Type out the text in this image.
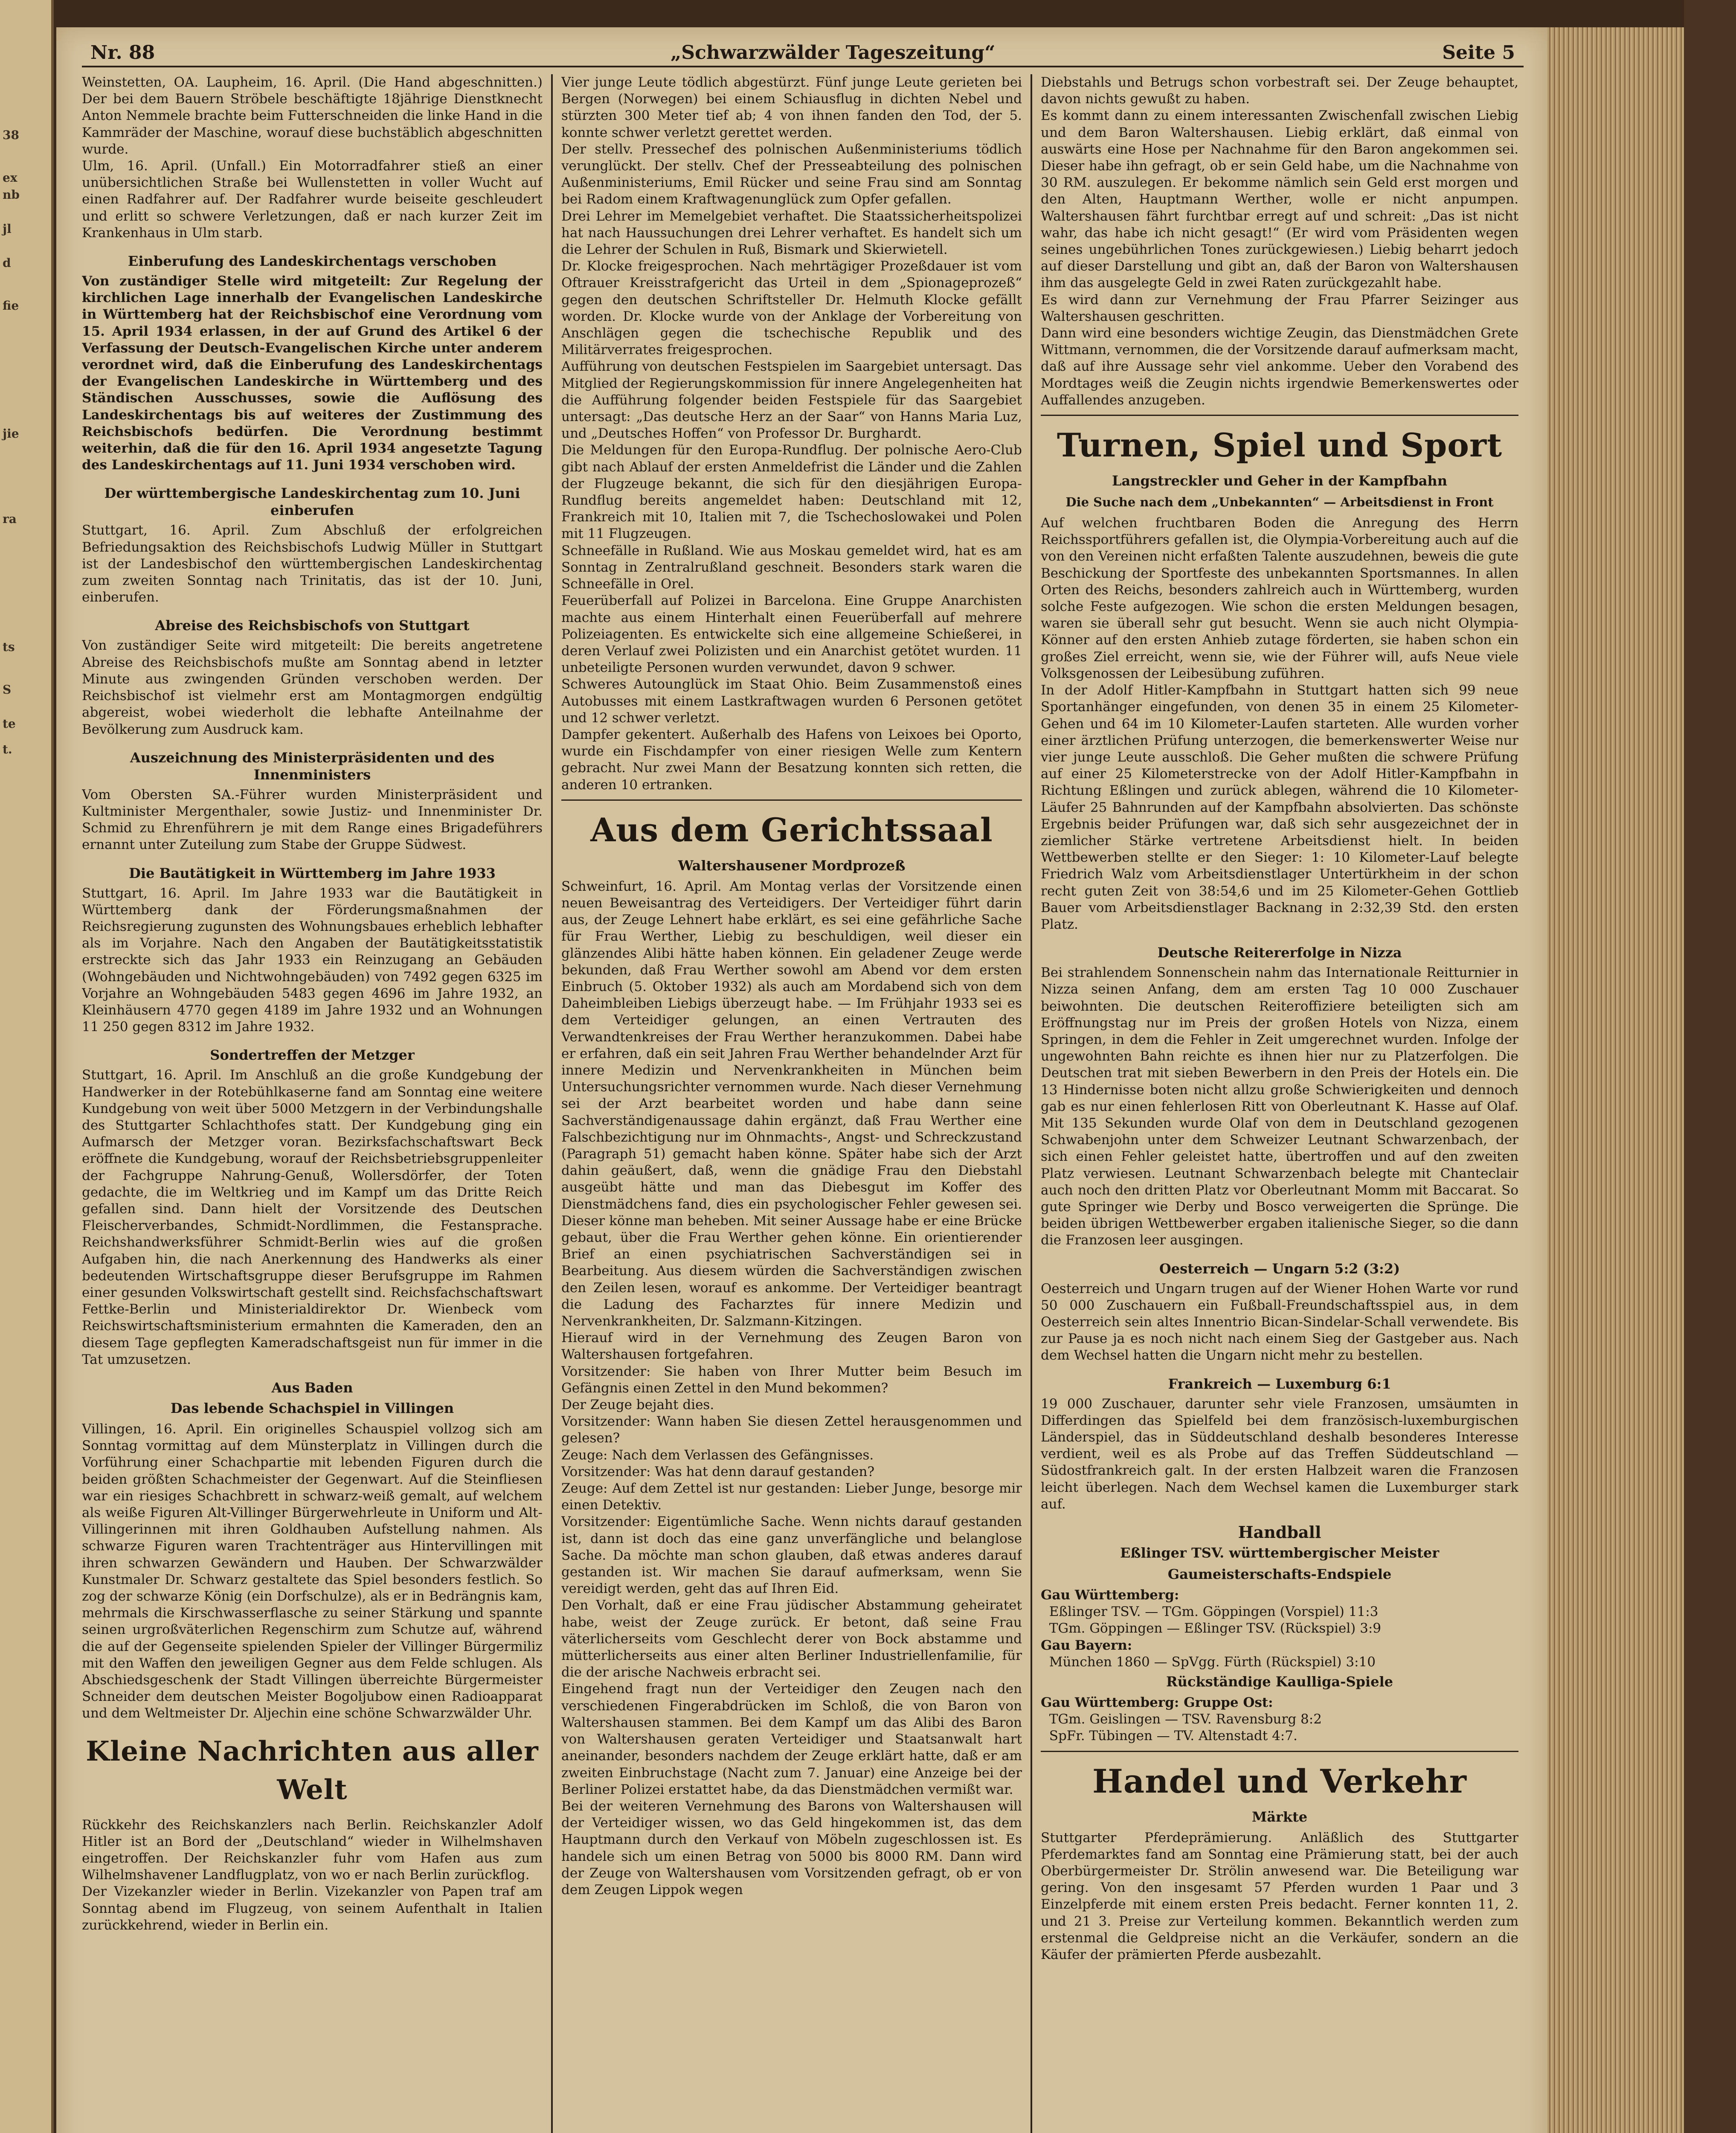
38
ex
nb
jl
d
fie
jie
ra
ts
S
te
t.
Nr. 88	„Schwarzwälder Tageszeitung“	Seite 5

Weinstetten, OA. Laupheim, 16. April. (Die Hand abgeschnitten.) Der bei dem Bauern Ströbele beschäftigte 18jährige Dienstknecht Anton Nemmele brachte beim Futterschneiden die linke Hand in die Kammräder der Maschine, worauf diese buchstäblich abgeschnitten wurde.

Ulm, 16. April. (Unfall.) Ein Motorradfahrer stieß an einer unübersichtlichen Straße bei Wullenstetten in voller Wucht auf einen Radfahrer auf. Der Radfahrer wurde beiseite geschleudert und erlitt so schwere Verletzungen, daß er nach kurzer Zeit im Krankenhaus in Ulm starb.

Einberufung des Landeskirchentags verschoben

Von zuständiger Stelle wird mitgeteilt: Zur Regelung der kirchlichen Lage innerhalb der Evangelischen Landeskirche in Württemberg hat der Reichsbischof eine Verordnung vom 15. April 1934 erlassen, in der auf Grund des Artikel 6 der Verfassung der Deutsch-Evangelischen Kirche unter anderem verordnet wird, daß die Einberufung des Landeskirchentags der Evangelischen Landeskirche in Württemberg und des Ständischen Ausschusses, sowie die Auflösung des Landeskirchentags bis auf weiteres der Zustimmung des Reichsbischofs bedürfen. Die Verordnung bestimmt weiterhin, daß die für den 16. April 1934 angesetzte Tagung des Landeskirchentags auf 11. Juni 1934 verschoben wird.

Der württembergische Landeskirchentag zum 10. Juni einberufen

Stuttgart, 16. April. Zum Abschluß der erfolgreichen Befriedungsaktion des Reichsbischofs Ludwig Müller in Stuttgart ist der Landesbischof den württembergischen Landeskirchentag zum zweiten Sonntag nach Trinitatis, das ist der 10. Juni, einberufen.

Abreise des Reichsbischofs von Stuttgart

Von zuständiger Seite wird mitgeteilt: Die bereits angetretene Abreise des Reichsbischofs mußte am Sonntag abend in letzter Minute aus zwingenden Gründen verschoben werden. Der Reichsbischof ist vielmehr erst am Montagmorgen endgültig abgereist, wobei wiederholt die lebhafte Anteilnahme der Bevölkerung zum Ausdruck kam.

Auszeichnung des Ministerpräsidenten und des Innenministers

Vom Obersten SA.-Führer wurden Ministerpräsident und Kultminister Mergenthaler, sowie Justiz- und Innenminister Dr. Schmid zu Ehrenführern je mit dem Range eines Brigadeführers ernannt unter Zuteilung zum Stabe der Gruppe Südwest.

Die Bautätigkeit in Württemberg im Jahre 1933

Stuttgart, 16. April. Im Jahre 1933 war die Bautätigkeit in Württemberg dank der Förderungsmaßnahmen der Reichsregierung zugunsten des Wohnungsbaues erheblich lebhafter als im Vorjahre. Nach den Angaben der Bautätigkeitsstatistik erstreckte sich das Jahr 1933 ein Reinzugang an Gebäuden (Wohngebäuden und Nichtwohngebäuden) von 7492 gegen 6325 im Vorjahre an Wohngebäuden 5483 gegen 4696 im Jahre 1932, an Kleinhäusern 4770 gegen 4189 im Jahre 1932 und an Wohnungen 11 250 gegen 8312 im Jahre 1932.

Sondertreffen der Metzger

Stuttgart, 16. April. Im Anschluß an die große Kundgebung der Handwerker in der Rotebühlkaserne fand am Sonntag eine weitere Kundgebung von weit über 5000 Metzgern in der Verbindungshalle des Stuttgarter Schlachthofes statt. Der Kundgebung ging ein Aufmarsch der Metzger voran. Bezirksfachschaftswart Beck eröffnete die Kundgebung, worauf der Reichsbetriebsgruppenleiter der Fachgruppe Nahrung-Genuß, Wollersdörfer, der Toten gedachte, die im Weltkrieg und im Kampf um das Dritte Reich gefallen sind. Dann hielt der Vorsitzende des Deutschen Fleischerverbandes, Schmidt-Nordlimmen, die Festansprache. Reichshandwerksführer Schmidt-Berlin wies auf die großen Aufgaben hin, die nach Anerkennung des Handwerks als einer bedeutenden Wirtschaftsgruppe dieser Berufsgruppe im Rahmen einer gesunden Volkswirtschaft gestellt sind. Reichsfachschaftswart Fettke-Berlin und Ministerialdirektor Dr. Wienbeck vom Reichswirtschaftsministerium ermahnten die Kameraden, den an diesem Tage gepflegten Kameradschaftsgeist nun für immer in die Tat umzusetzen.

Aus Baden
Das lebende Schachspiel in Villingen

Villingen, 16. April. Ein originelles Schauspiel vollzog sich am Sonntag vormittag auf dem Münsterplatz in Villingen durch die Vorführung einer Schachpartie mit lebenden Figuren durch die beiden größten Schachmeister der Gegenwart. Auf die Steinfliesen war ein riesiges Schachbrett in schwarz-weiß gemalt, auf welchem als weiße Figuren Alt-Villinger Bürgerwehrleute in Uniform und Alt-Villingerinnen mit ihren Goldhauben Aufstellung nahmen. Als schwarze Figuren waren Trachtenträger aus Hintervillingen mit ihren schwarzen Gewändern und Hauben. Der Schwarzwälder Kunstmaler Dr. Schwarz gestaltete das Spiel besonders festlich. So zog der schwarze König (ein Dorfschulze), als er in Bedrängnis kam, mehrmals die Kirschwasserflasche zu seiner Stärkung und spannte seinen urgroßväterlichen Regenschirm zum Schutze auf, während die auf der Gegenseite spielenden Spieler der Villinger Bürgermiliz mit den Waffen den jeweiligen Gegner aus dem Felde schlugen. Als Abschiedsgeschenk der Stadt Villingen überreichte Bürgermeister Schneider dem deutschen Meister Bogoljubow einen Radioapparat und dem Weltmeister Dr. Aljechin eine schöne Schwarzwälder Uhr.

Kleine Nachrichten aus aller Welt

Rückkehr des Reichskanzlers nach Berlin. Reichskanzler Adolf Hitler ist an Bord der „Deutschland“ wieder in Wilhelmshaven eingetroffen. Der Reichskanzler fuhr vom Hafen aus zum Wilhelmshavener Landflugplatz, von wo er nach Berlin zurückflog.

Der Vizekanzler wieder in Berlin. Vizekanzler von Papen traf am Sonntag abend im Flugzeug, von seinem Aufenthalt in Italien zurückkehrend, wieder in Berlin ein.

Vier junge Leute tödlich abgestürzt. Fünf junge Leute gerieten bei Bergen (Norwegen) bei einem Schiausflug in dichten Nebel und stürzten 300 Meter tief ab; 4 von ihnen fanden den Tod, der 5. konnte schwer verletzt gerettet werden.

Der stellv. Pressechef des polnischen Außenministeriums tödlich verunglückt. Der stellv. Chef der Presseabteilung des polnischen Außenministeriums, Emil Rücker und seine Frau sind am Sonntag bei Radom einem Kraftwagenunglück zum Opfer gefallen.

Drei Lehrer im Memelgebiet verhaftet. Die Staatssicherheitspolizei hat nach Haussuchungen drei Lehrer verhaftet. Es handelt sich um die Lehrer der Schulen in Ruß, Bismark und Skierwietell.

Dr. Klocke freigesprochen. Nach mehrtägiger Prozeßdauer ist vom Oftrauer Kreisstrafgericht das Urteil in dem „Spionageprozeß“ gegen den deutschen Schriftsteller Dr. Helmuth Klocke gefällt worden. Dr. Klocke wurde von der Anklage der Vorbereitung von Anschlägen gegen die tschechische Republik und des Militärverrates freigesprochen.

Aufführung von deutschen Festspielen im Saargebiet untersagt. Das Mitglied der Regierungskommission für innere Angelegenheiten hat die Aufführung folgender beiden Festspiele für das Saargebiet untersagt: „Das deutsche Herz an der Saar“ von Hanns Maria Luz, und „Deutsches Hoffen“ von Professor Dr. Burghardt.

Die Meldungen für den Europa-Rundflug. Der polnische Aero-Club gibt nach Ablauf der ersten Anmeldefrist die Länder und die Zahlen der Flugzeuge bekannt, die sich für den diesjährigen Europa-Rundflug bereits angemeldet haben: Deutschland mit 12, Frankreich mit 10, Italien mit 7, die Tschechoslowakei und Polen mit 11 Flugzeugen.

Schneefälle in Rußland. Wie aus Moskau gemeldet wird, hat es am Sonntag in Zentralrußland geschneit. Besonders stark waren die Schneefälle in Orel.

Feuerüberfall auf Polizei in Barcelona. Eine Gruppe Anarchisten machte aus einem Hinterhalt einen Feuerüberfall auf mehrere Polizeiagenten. Es entwickelte sich eine allgemeine Schießerei, in deren Verlauf zwei Polizisten und ein Anarchist getötet wurden. 11 unbeteiligte Personen wurden verwundet, davon 9 schwer.

Schweres Autounglück im Staat Ohio. Beim Zusammenstoß eines Autobusses mit einem Lastkraftwagen wurden 6 Personen getötet und 12 schwer verletzt.

Dampfer gekentert. Außerhalb des Hafens von Leixoes bei Oporto, wurde ein Fischdampfer von einer riesigen Welle zum Kentern gebracht. Nur zwei Mann der Besatzung konnten sich retten, die anderen 10 ertranken.

Aus dem Gerichtssaal
Waltershausener Mordprozeß

Schweinfurt, 16. April. Am Montag verlas der Vorsitzende einen neuen Beweisantrag des Verteidigers. Der Verteidiger führt darin aus, der Zeuge Lehnert habe erklärt, es sei eine gefährliche Sache für Frau Werther, Liebig zu beschuldigen, weil dieser ein glänzendes Alibi hätte haben können. Ein geladener Zeuge werde bekunden, daß Frau Werther sowohl am Abend vor dem ersten Einbruch (5. Oktober 1932) als auch am Mordabend sich von dem Daheimbleiben Liebigs überzeugt habe. — Im Frühjahr 1933 sei es dem Verteidiger gelungen, an einen Vertrauten des Verwandtenkreises der Frau Werther heranzukommen. Dabei habe er erfahren, daß ein seit Jahren Frau Werther behandelnder Arzt für innere Medizin und Nervenkrankheiten in München beim Untersuchungsrichter vernommen wurde. Nach dieser Vernehmung sei der Arzt bearbeitet worden und habe dann seine Sachverständigenaussage dahin ergänzt, daß Frau Werther eine Falschbezichtigung nur im Ohnmachts-, Angst- und Schreckzustand (Paragraph 51) gemacht haben könne. Später habe sich der Arzt dahin geäußert, daß, wenn die gnädige Frau den Diebstahl ausgeübt hätte und man das Diebesgut im Koffer des Dienstmädchens fand, dies ein psychologischer Fehler gewesen sei. Dieser könne man beheben. Mit seiner Aussage habe er eine Brücke gebaut, über die Frau Werther gehen könne. Ein orientierender Brief an einen psychiatrischen Sachverständigen sei in Bearbeitung. Aus diesem würden die Sachverständigen zwischen den Zeilen lesen, worauf es ankomme. Der Verteidiger beantragt die Ladung des Facharztes für innere Medizin und Nervenkrankheiten, Dr. Salzmann-Kitzingen.

Hierauf wird in der Vernehmung des Zeugen Baron von Waltershausen fortgefahren.

Vorsitzender: Sie haben von Ihrer Mutter beim Besuch im Gefängnis einen Zettel in den Mund bekommen?

Der Zeuge bejaht dies.

Vorsitzender: Wann haben Sie diesen Zettel herausgenommen und gelesen?

Zeuge: Nach dem Verlassen des Gefängnisses.

Vorsitzender: Was hat denn darauf gestanden?

Zeuge: Auf dem Zettel ist nur gestanden: Lieber Junge, besorge mir einen Detektiv.

Vorsitzender: Eigentümliche Sache. Wenn nichts darauf gestanden ist, dann ist doch das eine ganz unverfängliche und belanglose Sache. Da möchte man schon glauben, daß etwas anderes darauf gestanden ist. Wir machen Sie darauf aufmerksam, wenn Sie vereidigt werden, geht das auf Ihren Eid.

Den Vorhalt, daß er eine Frau jüdischer Abstammung geheiratet habe, weist der Zeuge zurück. Er betont, daß seine Frau väterlicherseits vom Geschlecht derer von Bock abstamme und mütterlicherseits aus einer alten Berliner Industriellenfamilie, für die der arische Nachweis erbracht sei.

Eingehend fragt nun der Verteidiger den Zeugen nach den verschiedenen Fingerabdrücken im Schloß, die von Baron von Waltershausen stammen. Bei dem Kampf um das Alibi des Baron von Waltershausen geraten Verteidiger und Staatsanwalt hart aneinander, besonders nachdem der Zeuge erklärt hatte, daß er am zweiten Einbruchstage (Nacht zum 7. Januar) eine Anzeige bei der Berliner Polizei erstattet habe, da das Dienstmädchen vermißt war.

Bei der weiteren Vernehmung des Barons von Waltershausen will der Verteidiger wissen, wo das Geld hingekommen ist, das dem Hauptmann durch den Verkauf von Möbeln zugeschlossen ist. Es handele sich um einen Betrag von 5000 bis 8000 RM. Dann wird der Zeuge von Waltershausen vom Vorsitzenden gefragt, ob er von dem Zeugen Lippok wegen

Diebstahls und Betrugs schon vorbestraft sei. Der Zeuge behauptet, davon nichts gewußt zu haben.

Es kommt dann zu einem interessanten Zwischenfall zwischen Liebig und dem Baron Waltershausen. Liebig erklärt, daß einmal von auswärts eine Hose per Nachnahme für den Baron angekommen sei. Dieser habe ihn gefragt, ob er sein Geld habe, um die Nachnahme von 30 RM. auszulegen. Er bekomme nämlich sein Geld erst morgen und den Alten, Hauptmann Werther, wolle er nicht anpumpen. Waltershausen fährt furchtbar erregt auf und schreit: „Das ist nicht wahr, das habe ich nicht gesagt!“ (Er wird vom Präsidenten wegen seines ungebührlichen Tones zurückgewiesen.) Liebig beharrt jedoch auf dieser Darstellung und gibt an, daß der Baron von Waltershausen ihm das ausgelegte Geld in zwei Raten zurückgezahlt habe.

Es wird dann zur Vernehmung der Frau Pfarrer Seizinger aus Waltershausen geschritten.

Dann wird eine besonders wichtige Zeugin, das Dienstmädchen Grete Wittmann, vernommen, die der Vorsitzende darauf aufmerksam macht, daß auf ihre Aussage sehr viel ankomme. Ueber den Vorabend des Mordtages weiß die Zeugin nichts irgendwie Bemerkenswertes oder Auffallendes anzugeben.

Turnen, Spiel und Sport
Langstreckler und Geher in der Kampfbahn
Die Suche nach dem „Unbekannten“ — Arbeitsdienst in Front

Auf welchen fruchtbaren Boden die Anregung des Herrn Reichssportführers gefallen ist, die Olympia-Vorbereitung auch auf die von den Vereinen nicht erfaßten Talente auszudehnen, beweis die gute Beschickung der Sportfeste des unbekannten Sportsmannes. In allen Orten des Reichs, besonders zahlreich auch in Württemberg, wurden solche Feste aufgezogen. Wie schon die ersten Meldungen besagen, waren sie überall sehr gut besucht. Wenn sie auch nicht Olympia-Könner auf den ersten Anhieb zutage förderten, sie haben schon ein großes Ziel erreicht, wenn sie, wie der Führer will, aufs Neue viele Volksgenossen der Leibesübung zuführen.

In der Adolf Hitler-Kampfbahn in Stuttgart hatten sich 99 neue Sportanhänger eingefunden, von denen 35 in einem 25 Kilometer-Gehen und 64 im 10 Kilometer-Laufen starteten. Alle wurden vorher einer ärztlichen Prüfung unterzogen, die bemerkenswerter Weise nur vier junge Leute ausschloß. Die Geher mußten die schwere Prüfung auf einer 25 Kilometerstrecke von der Adolf Hitler-Kampfbahn in Richtung Eßlingen und zurück ablegen, während die 10 Kilometer-Läufer 25 Bahnrunden auf der Kampfbahn absolvierten. Das schönste Ergebnis beider Prüfungen war, daß sich sehr ausgezeichnet der in ziemlicher Stärke vertretene Arbeitsdienst hielt. In beiden Wettbewerben stellte er den Sieger: 1: 10 Kilometer-Lauf belegte Friedrich Walz vom Arbeitsdienstlager Untertürkheim in der schon recht guten Zeit von 38:54,6 und im 25 Kilometer-Gehen Gottlieb Bauer vom Arbeitsdienstlager Backnang in 2:32,39 Std. den ersten Platz.

Deutsche Reitererfolge in Nizza

Bei strahlendem Sonnenschein nahm das Internationale Reitturnier in Nizza seinen Anfang, dem am ersten Tag 10 000 Zuschauer beiwohnten. Die deutschen Reiteroffiziere beteiligten sich am Eröffnungstag nur im Preis der großen Hotels von Nizza, einem Springen, in dem die Fehler in Zeit umgerechnet wurden. Infolge der ungewohnten Bahn reichte es ihnen hier nur zu Platzerfolgen. Die Deutschen trat mit sieben Bewerbern in den Preis der Hotels ein. Die 13 Hindernisse boten nicht allzu große Schwierigkeiten und dennoch gab es nur einen fehlerlosen Ritt von Oberleutnant K. Hasse auf Olaf. Mit 135 Sekunden wurde Olaf von dem in Deutschland gezogenen Schwabenjohn unter dem Schweizer Leutnant Schwarzenbach, der sich einen Fehler geleistet hatte, übertroffen und auf den zweiten Platz verwiesen. Leutnant Schwarzenbach belegte mit Chanteclair auch noch den dritten Platz vor Oberleutnant Momm mit Baccarat. So gute Springer wie Derby und Bosco verweigerten die Sprünge. Die beiden übrigen Wettbewerber ergaben italienische Sieger, so die dann die Franzosen leer ausgingen.

Oesterreich — Ungarn 5:2 (3:2)

Oesterreich und Ungarn trugen auf der Wiener Hohen Warte vor rund 50 000 Zuschauern ein Fußball-Freundschaftsspiel aus, in dem Oesterreich sein altes Innentrio Bican-Sindelar-Schall verwendete. Bis zur Pause ja es noch nicht nach einem Sieg der Gastgeber aus. Nach dem Wechsel hatten die Ungarn nicht mehr zu bestellen.

Frankreich — Luxemburg 6:1

19 000 Zuschauer, darunter sehr viele Franzosen, umsäumten in Differdingen das Spielfeld bei dem französisch-luxemburgischen Länderspiel, das in Süddeutschland deshalb besonderes Interesse verdient, weil es als Probe auf das Treffen Süddeutschland — Südostfrankreich galt. In der ersten Halbzeit waren die Franzosen leicht überlegen. Nach dem Wechsel kamen die Luxemburger stark auf.

Handball
Eßlinger TSV. württembergischer Meister
Gaumeisterschafts-Endspiele

Gau Württemberg:

Eßlinger TSV. — TGm. Göppingen (Vorspiel) 11:3

TGm. Göppingen — Eßlinger TSV. (Rückspiel) 3:9

Gau Bayern:

München 1860 — SpVgg. Fürth (Rückspiel) 3:10

Rückständige Kaulliga-Spiele

Gau Württemberg: Gruppe Ost:

TGm. Geislingen — TSV. Ravensburg 8:2

SpFr. Tübingen — TV. Altenstadt 4:7.

Handel und Verkehr
Märkte

Stuttgarter Pferdeprämierung. Anläßlich des Stuttgarter Pferdemarktes fand am Sonntag eine Prämierung statt, bei der auch Oberbürgermeister Dr. Strölin anwesend war. Die Beteiligung war gering. Von den insgesamt 57 Pferden wurden 1 Paar und 3 Einzelpferde mit einem ersten Preis bedacht. Ferner konnten 11, 2. und 21 3. Preise zur Verteilung kommen. Bekanntlich werden zum erstenmal die Geldpreise nicht an die Verkäufer, sondern an die Käufer der prämierten Pferde ausbezahlt.
